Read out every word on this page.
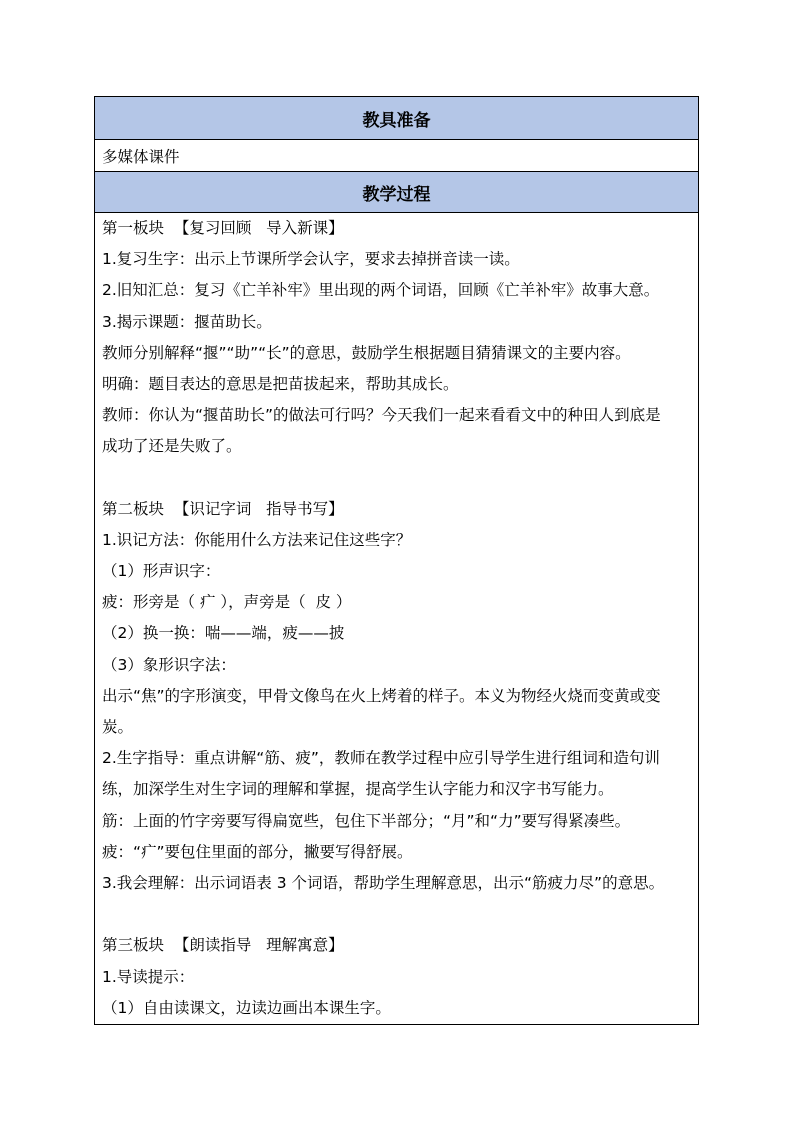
教具准备
多媒体课件
教学过程
第一板块  【复习回顾   导入新课】
1.复习生字：出示上节课所学会认字，要求去掉拼音读一读。
2.旧知汇总：复习《亡羊补牢》里出现的两个词语，回顾《亡羊补牢》故事大意。
3.揭示课题：揠苗助长。
教师分别解释“揠”“助”“长”的意思，鼓励学生根据题目猜猜课文的主要内容。
明确：题目表达的意思是把苗拔起来，帮助其成长。
教师：你认为“揠苗助长”的做法可行吗？今天我们一起来看看文中的种田人到底是
成功了还是失败了。
第二板块  【识记字词   指导书写】
1.识记方法：你能用什么方法来记住这些字？
（1）形声识字：
疲：形旁是（ 疒 ），声旁是（  皮 ）
（2）换一换：喘——端，疲——披
（3）象形识字法：
出示“焦”的字形演变，甲骨文像鸟在火上烤着的样子。本义为物经火烧而变黄或变
炭。
2.生字指导：重点讲解“筋、疲”，教师在教学过程中应引导学生进行组词和造句训
练，加深学生对生字词的理解和掌握，提高学生认字能力和汉字书写能力。
筋：上面的竹字旁要写得扁宽些，包住下半部分；“月”和“力”要写得紧凑些。
疲：“疒”要包住里面的部分，撇要写得舒展。
3.我会理解：出示词语表 3 个词语，帮助学生理解意思，出示“筋疲力尽”的意思。
第三板块  【朗读指导   理解寓意】
1.导读提示：
（1）自由读课文，边读边画出本课生字。
